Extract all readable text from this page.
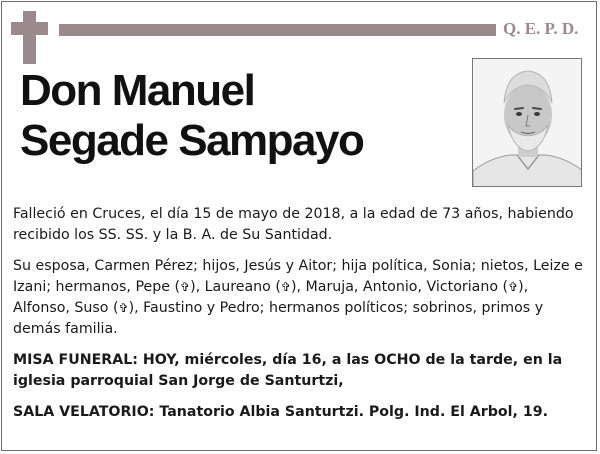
Q. E. P. D.
Don Manuel
Segade Sampayo

Falleció en Cruces, el día 15 de mayo de 2018, a la edad de 73 años, habiendo recibido los SS. SS. y la B. A. de Su Santidad.

Su esposa, Carmen Pérez; hijos, Jesús y Aitor; hija política, Sonia; nietos, Leize e Izani; hermanos, Pepe (✞), Laureano (✞), Maruja, Antonio, Victoriano (✞), Alfonso, Suso (✞), Faustino y Pedro; hermanos políticos; sobrinos, primos y demás familia.

MISA FUNERAL: HOY, miércoles, día 16, a las OCHO de la tarde, en la iglesia parroquial San Jorge de Santurtzi,

SALA VELATORIO: Tanatorio Albia Santurtzi. Polg. Ind. El Arbol, 19.
